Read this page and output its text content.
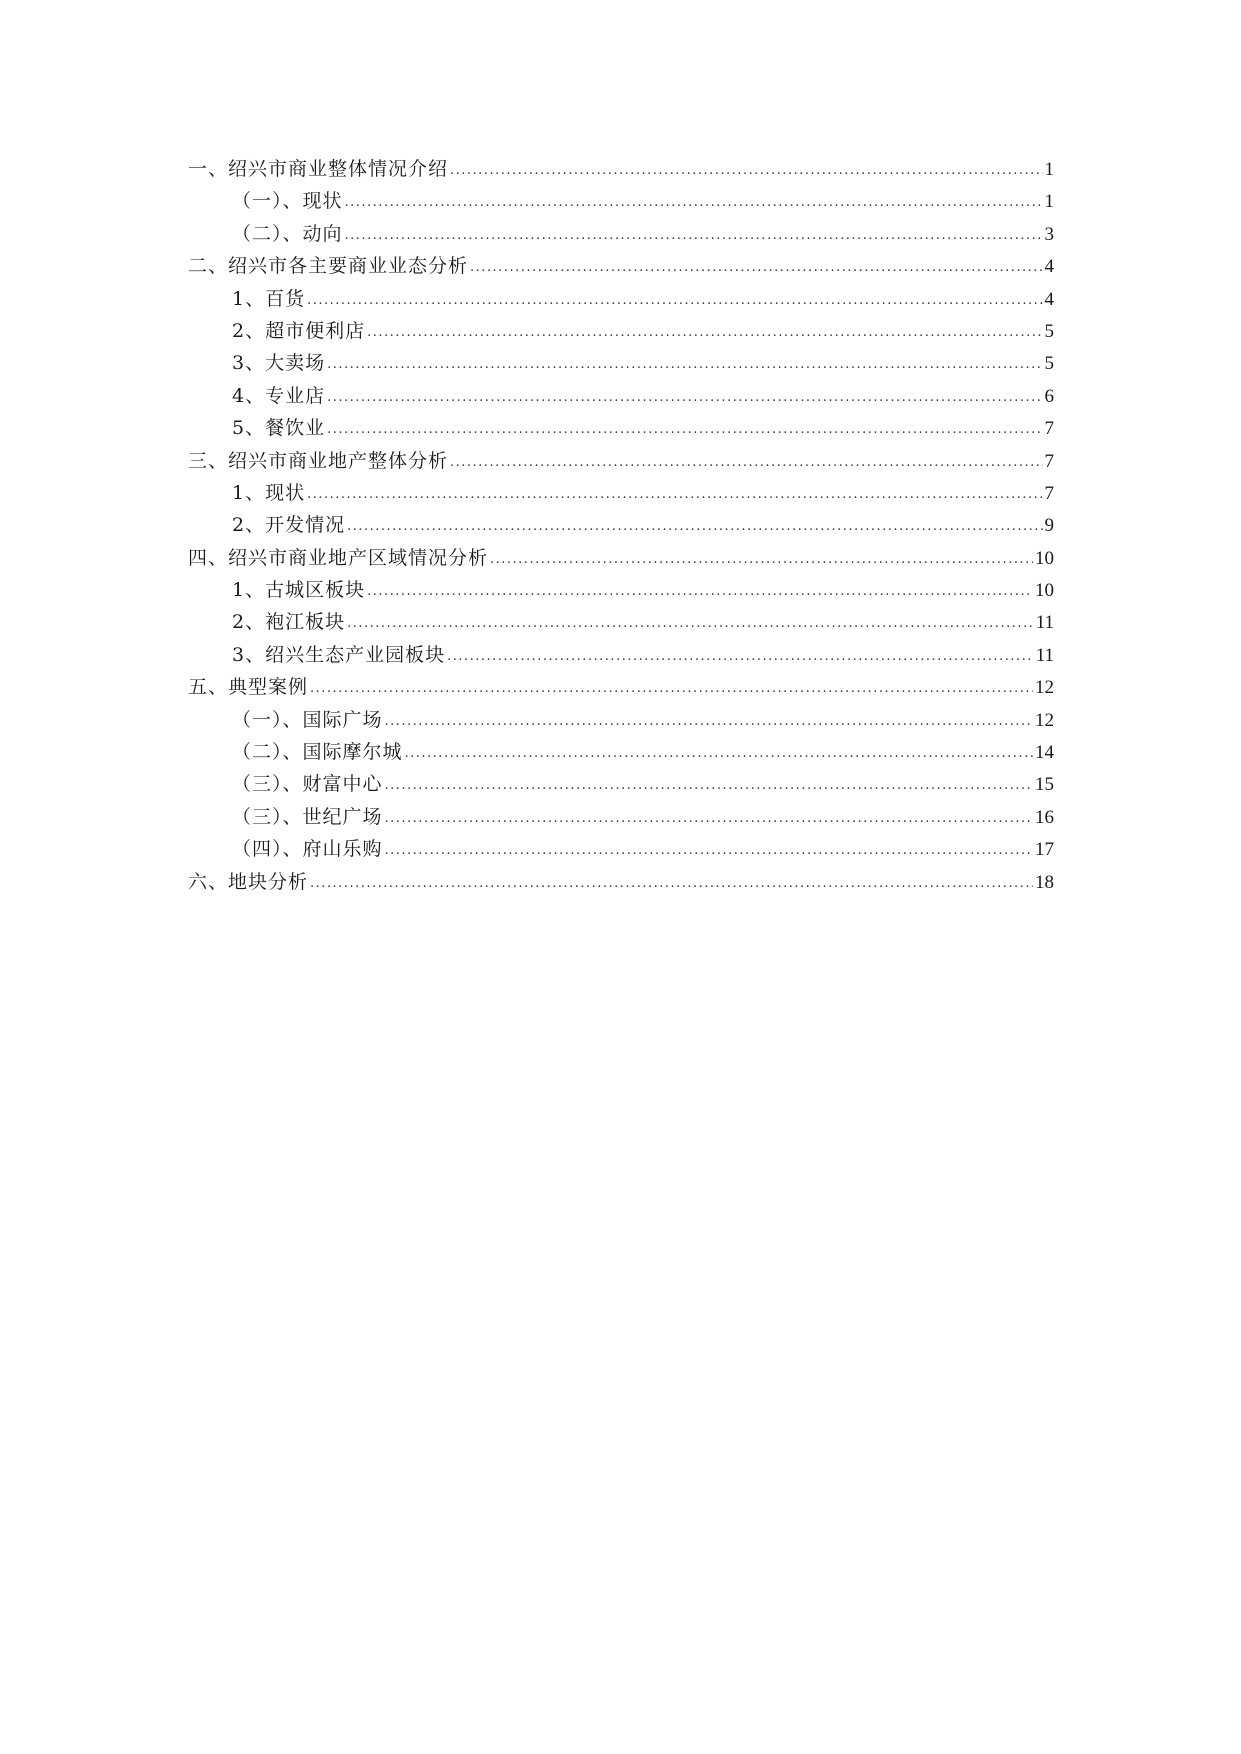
一、绍兴市商业整体情况介绍 .....	1
（一）、现状 .....	1
（二）、动向 .....	3
二、绍兴市各主要商业业态分析 .....	4
1、百货 .....	4
2、超市便利店 .....	5
3、大卖场 .....	5
4、专业店 .....	6
5、餐饮业 .....	7
三、绍兴市商业地产整体分析 .....	7
1、现状 .....	7
2、开发情况 .....	9
四、绍兴市商业地产区域情况分析 .....	10
1、古城区板块 .....	10
2、袍江板块 .....	11
3、绍兴生态产业园板块 .....	11
五、典型案例 .....	12
（一）、国际广场 .....	12
（二）、国际摩尔城 .....	14
（三）、财富中心 .....	15
（三）、世纪广场 .....	16
（四）、府山乐购 .....	17
六、地块分析 .....	18
